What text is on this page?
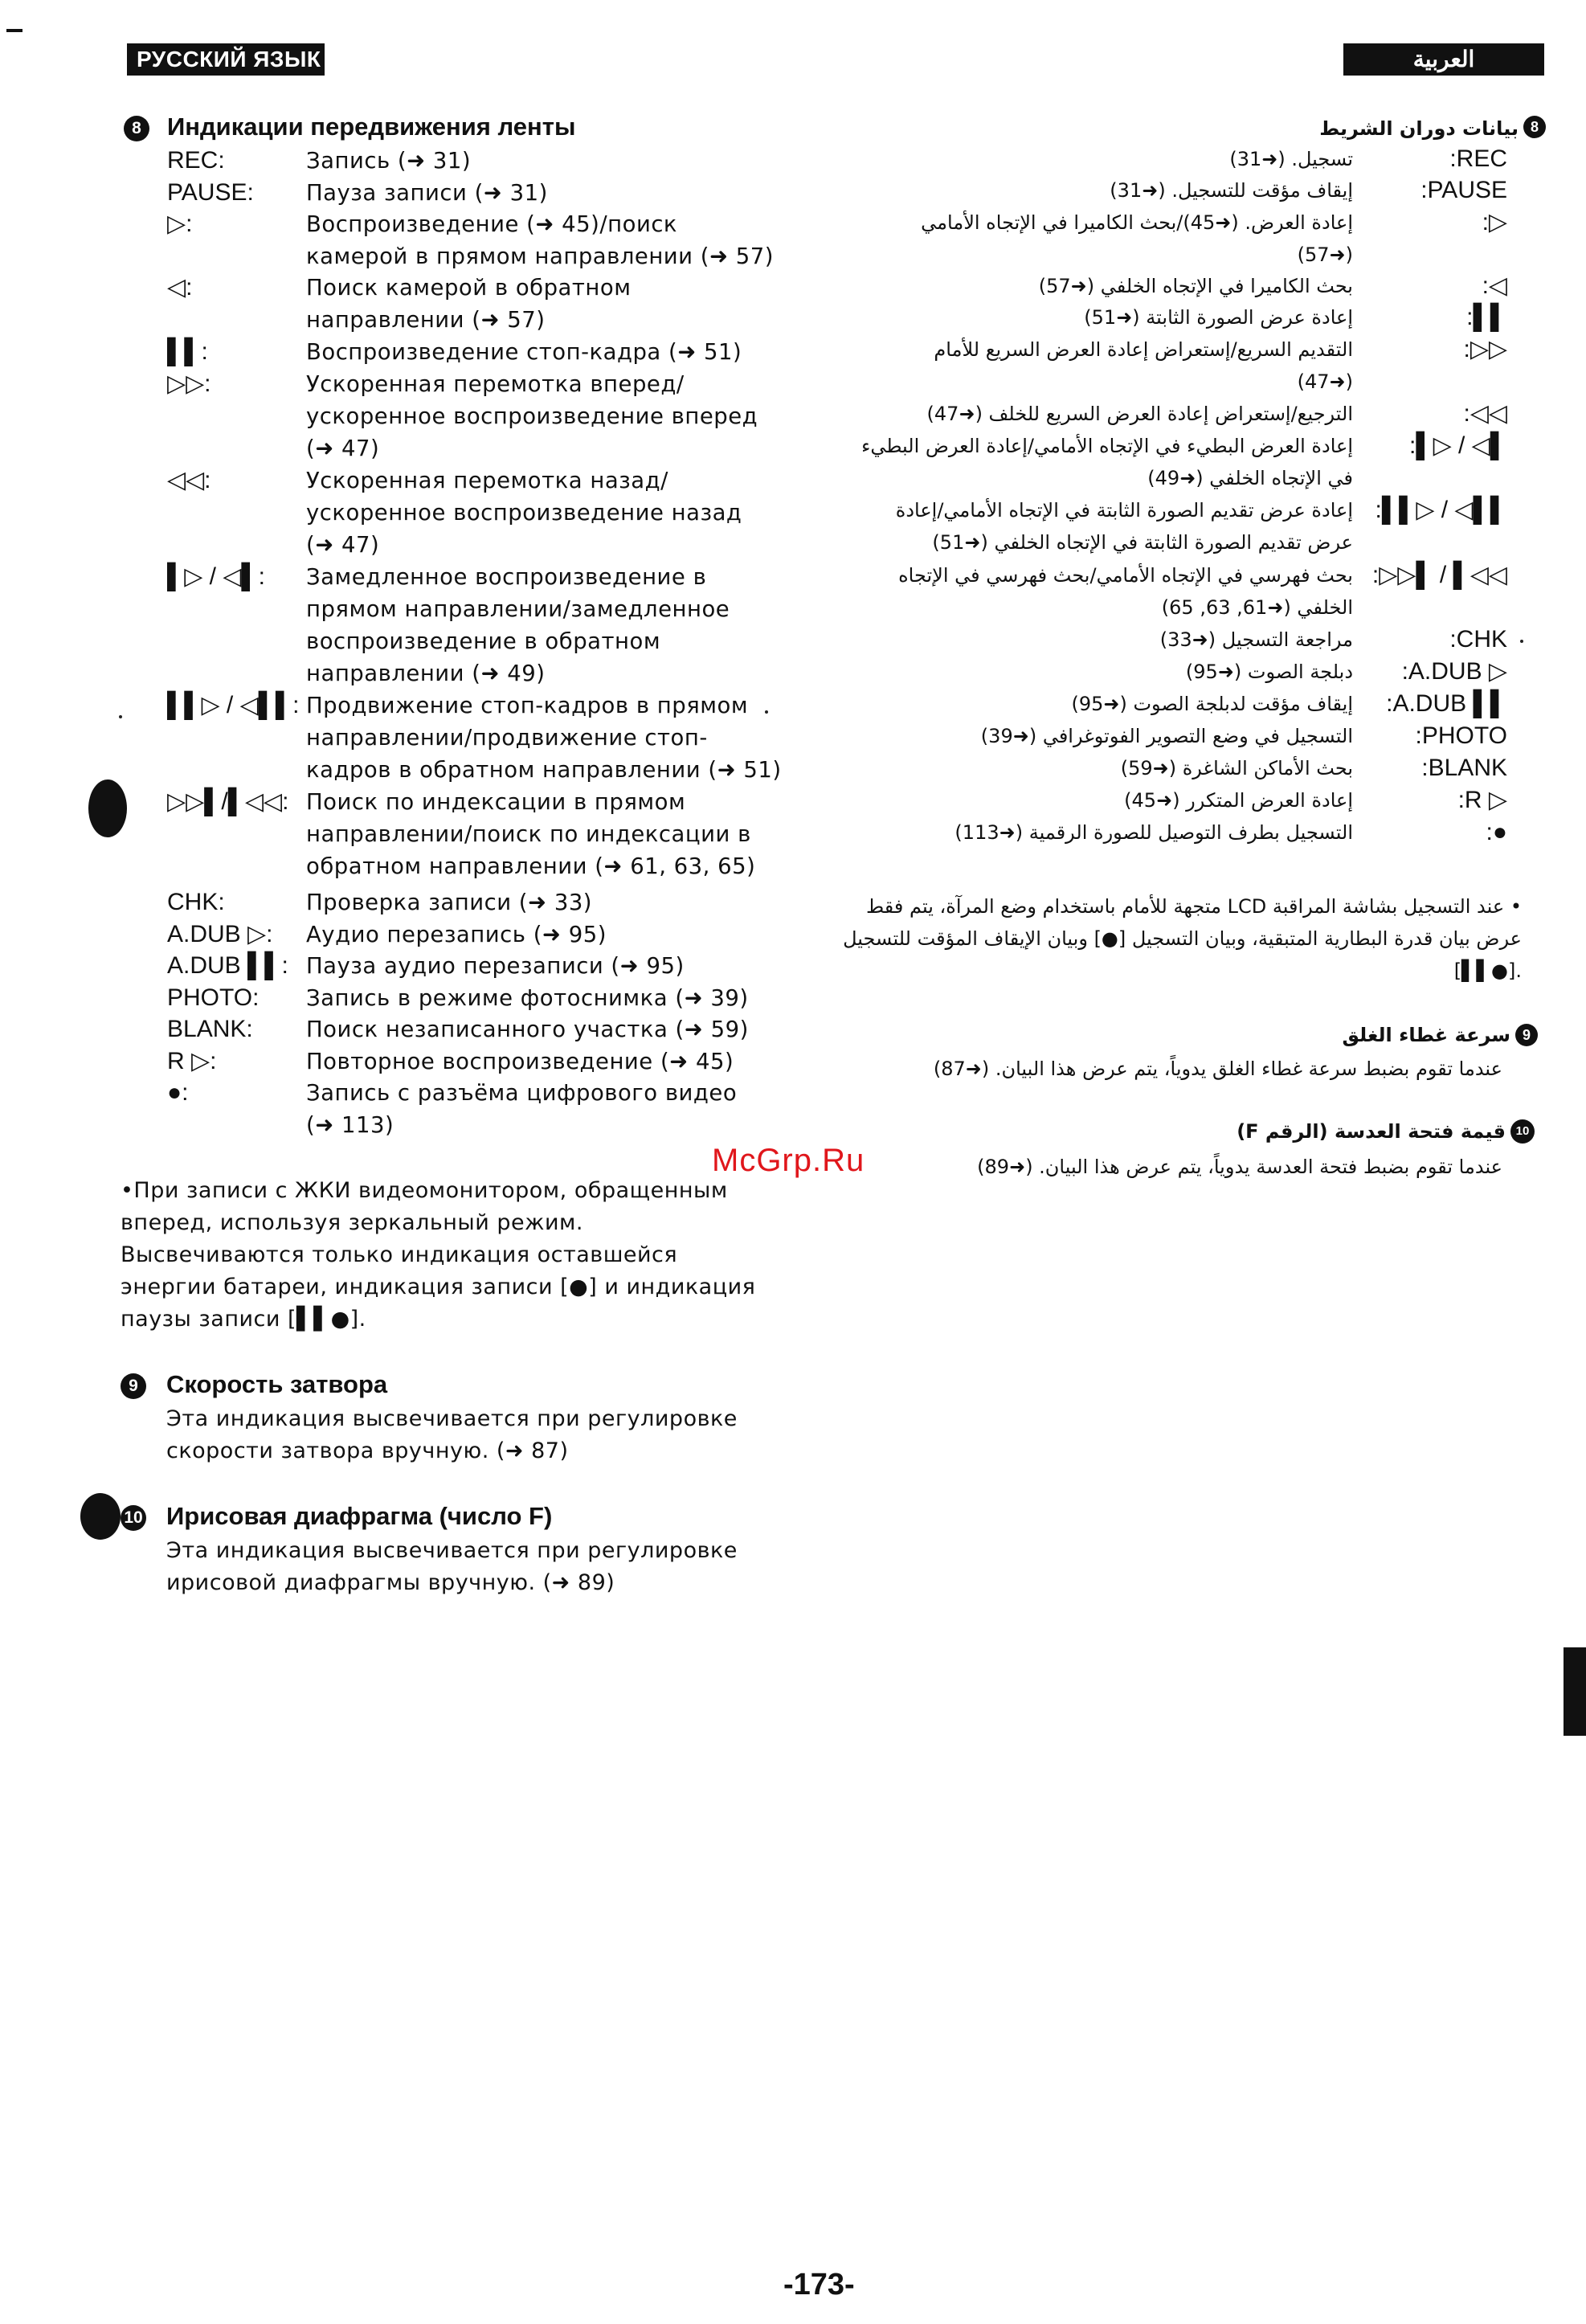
РУССКИЙ ЯЗЫК	العربية
8	Индикации передвижения ленты
REC:	Запись (➜ 31)
PAUSE: Пауза записи (➜ 31)
▷:	Воспроизведение (➜ 45)/поиск
камерой в прямом направлении (➜ 57)
◁:	Поиск камерой в обратном
направлении (➜ 57)
▌▌:	Воспроизведение стоп-кадра (➜ 51)
▷▷:	Ускоренная перемотка вперед/
ускоренное воспроизведение вперед
(➜ 47)
◁◁:	Ускоренная перемотка назад/
ускоренное воспроизведение назад
(➜ 47)
▌▷ / ◁▌: Замедленное воспроизведение в
прямом направлении/замедленное
воспроизведение в обратном
направлении (➜ 49)
▌▌▷ / ◁▌▌: Продвижение стоп-кадров в прямом
направлении/продвижение стоп-
кадров в обратном направлении (➜ 51)
▷▷▌/▌◁◁: Поиск по индексации в прямом
направлении/поиск по индексации в
обратном направлении (➜ 61, 63, 65)
CHK:	Проверка записи (➜ 33)
A.DUB ▷: Аудио перезапись (➜ 95)
A.DUB ▌▌: Пауза аудио перезаписи (➜ 95)
PHOTO: Запись в режиме фотоснимка (➜ 39)
BLANK: Поиск незаписанного участка (➜ 59)
R ▷:	Повторное воспроизведение (➜ 45)
●:	Запись с разъёма цифрового видео
(➜ 113)
•При записи с ЖКИ видеомонитором, обращенным
вперед, используя зеркальный режим.
Высвечиваются только индикация оставшейся
энергии батареи, индикация записи [●] и индикация
паузы записи [▌▌●].
9	Скорость затвора
Эта индикация высвечивается при регулировке
скорости затвора вручную. (➜ 87)
10 Ирисовая диафрагма (число F)
Эта индикация высвечивается при регулировке
ирисовой диафрагмы вручную. (➜ 89)
8
بيانات دوران الشريط
:REC
تسجيل. (➜31)
:PAUSE
إيقاف مؤقت للتسجيل. (➜31)
:▷
إعادة العرض. (➜45)/بحث الكاميرا في الإتجاه الأمامي
(➜57)
:◁
بحث الكاميرا في الإتجاه الخلفي (➜57)
:▌▌
إعادة عرض الصورة الثابتة (➜51)
:▷▷
التقديم السريع/إستعراض إعادة العرض السريع للأمام
(➜47)
:◁◁
الترجيع/إستعراض إعادة العرض السريع للخلف (➜47)
:▌▷ / ◁▌
إعادة العرض البطيء في الإتجاه الأمامي/إعادة العرض البطيء
في الإتجاه الخلفي (➜49)
:▌▌▷ / ◁▌▌
إعادة عرض تقديم الصورة الثابتة في الإتجاه الأمامي/إعادة
عرض تقديم الصورة الثابتة في الإتجاه الخلفي (➜51)
:▷▷▌ / ▌◁◁
بحث فهرسي في الإتجاه الأمامي/بحث فهرسي في الإتجاه
الخلفي (➜61, 63, 65)
:CHK
مراجعة التسجيل (➜33)
:A.DUB ▷
دبلجة الصوت (➜95)
:A.DUB ▌▌
إيقاف مؤقت لدبلجة الصوت (➜95)
:PHOTO
التسجيل في وضع التصوير الفوتوغرافي (➜39)
:BLANK
بحث الأماكن الشاغرة (➜59)
:R ▷
إعادة العرض المتكرر (➜45)
:●
التسجيل بطرف التوصيل للصورة الرقمية (➜113)
• عند التسجيل بشاشة المراقبة LCD متجهة للأمام باستخدام وضع المرآة، يتم فقط
عرض بيان قدرة البطارية المتبقية، وبيان التسجيل [●] وبيان الإيقاف المؤقت للتسجيل
.[●▌▌]
9
سرعة غطاء الغلق
عندما تقوم بضبط سرعة غطاء الغلق يدوياً، يتم عرض هذا البيان. (➜87)
10
قيمة فتحة العدسة (الرقم F)
عندما تقوم بضبط فتحة العدسة يدوياً، يتم عرض هذا البيان. (➜89)
McGrp.Ru
-173-
